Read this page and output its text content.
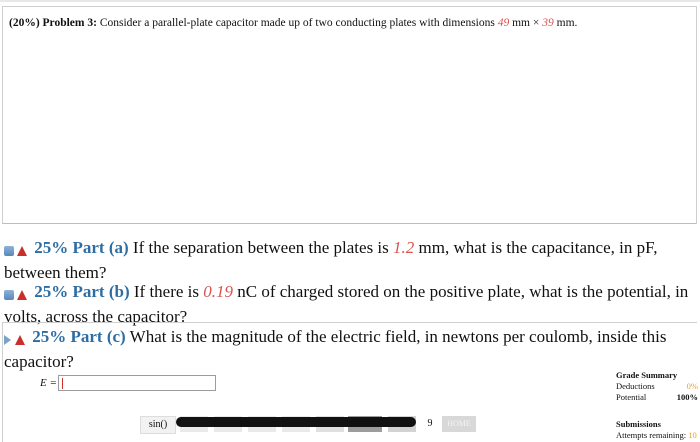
(20%) Problem 3: Consider a parallel-plate capacitor made up of two conducting plates with dimensions 49 mm × 39 mm.
25% Part (a) If the separation between the plates is 1.2 mm, what is the capacitance, in pF, between them?
25% Part (b) If there is 0.19 nC of charged stored on the positive plate, what is the potential, in volts, across the capacitor?
25% Part (c) What is the magnitude of the electric field, in newtons per coulomb, inside this capacitor?
E =
Grade Summary
Deductions	0%
Potential	100%
Submissions
Attempts remaining: 10
sin()	9	HOME
